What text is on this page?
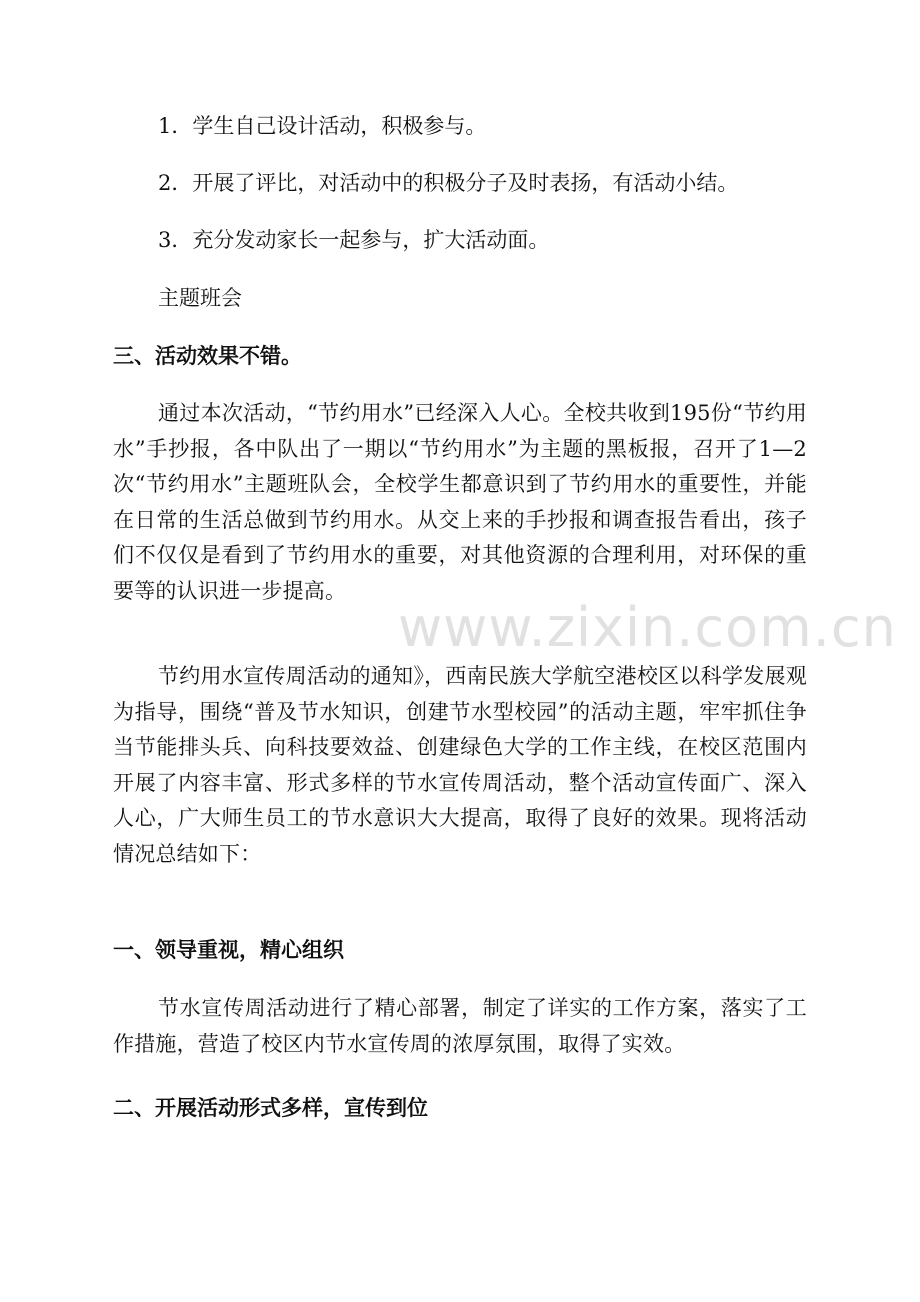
1．学生自己设计活动，积极参与。
2．开展了评比，对活动中的积极分子及时表扬，有活动小结。
3．充分发动家长一起参与，扩大活动面。
主题班会
三、活动效果不错。
通过本次活动，“节约用水”已经深入人心。全校共收到195份“节约用水”手抄报，各中队出了一期以“节约用水”为主题的黑板报，召开了1—2次“节约用水”主题班队会，全校学生都意识到了节约用水的重要性，并能在日常的生活总做到节约用水。从交上来的手抄报和调查报告看出，孩子们不仅仅是看到了节约用水的重要，对其他资源的合理利用，对环保的重要等的认识进一步提高。
节约用水宣传周活动的通知》，西南民族大学航空港校区以科学发展观为指导，围绕“普及节水知识，创建节水型校园”的活动主题，牢牢抓住争当节能排头兵、向科技要效益、创建绿色大学的工作主线，在校区范围内开展了内容丰富、形式多样的节水宣传周活动，整个活动宣传面广、深入人心，广大师生员工的节水意识大大提高，取得了良好的效果。现将活动情况总结如下：
一、领导重视，精心组织
节水宣传周活动进行了精心部署，制定了详实的工作方案，落实了工作措施，营造了校区内节水宣传周的浓厚氛围，取得了实效。
二、开展活动形式多样，宣传到位
www.zixin.com.cn
